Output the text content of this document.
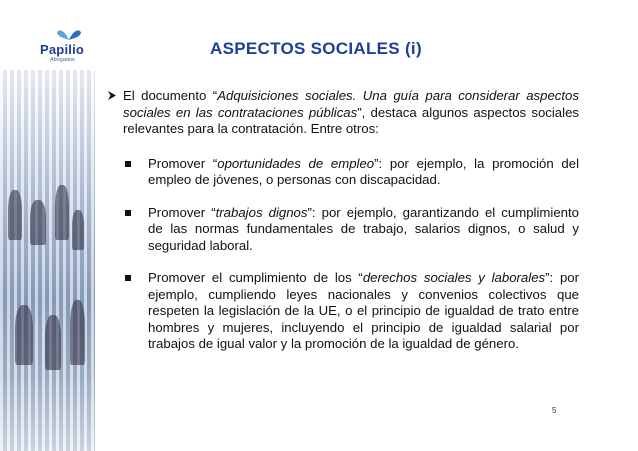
Papilio
Abogados
ASPECTOS SOCIALES (i)
El documento “Adquisiciones sociales. Una guía para considerar aspectos sociales en las contrataciones públicas”, destaca algunos aspectos sociales relevantes para la contratación. Entre otros:
Promover “oportunidades de empleo”: por ejemplo, la promoción del empleo de jóvenes, o personas con discapacidad.
Promover “trabajos dignos”: por ejemplo, garantizando el cumplimiento de las normas fundamentales de trabajo, salarios dignos, o salud y seguridad laboral.
Promover el cumplimiento de los “derechos sociales y laborales”: por ejemplo, cumpliendo leyes nacionales y convenios colectivos que respeten la legislación de la UE, o el principio de igualdad de trato entre hombres y mujeres, incluyendo el principio de igualdad salarial por trabajos de igual valor y la promoción de la igualdad de género.
5
